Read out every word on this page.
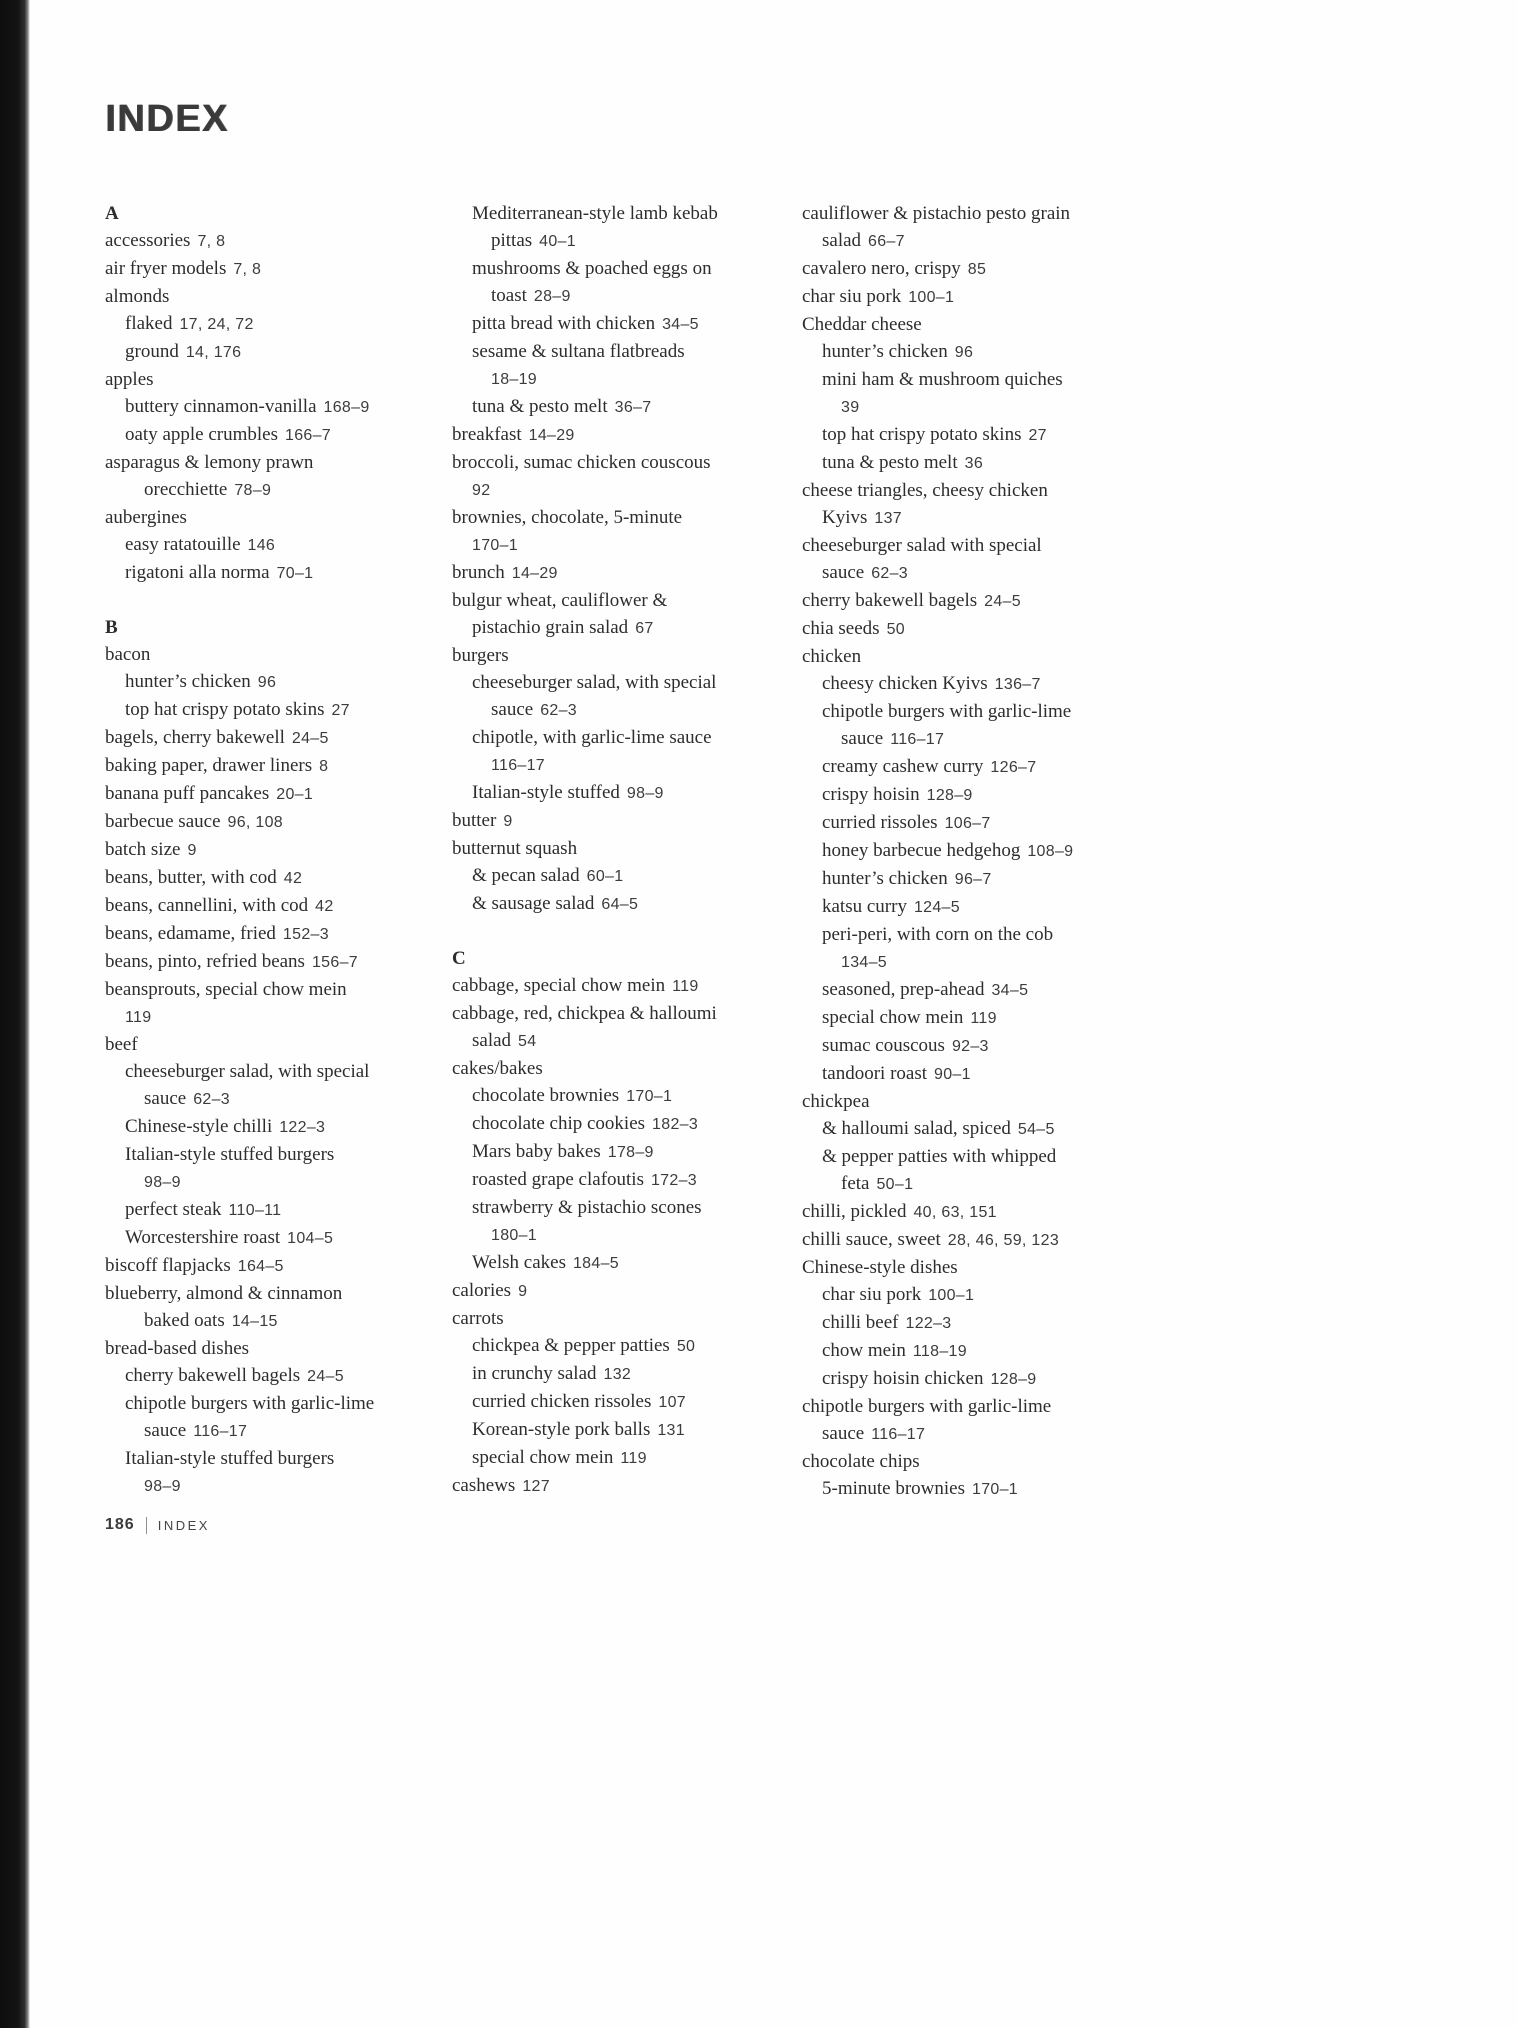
INDEX
A
accessories 7, 8
air fryer models 7, 8
almonds
flaked 17, 24, 72
ground 14, 176
apples
buttery cinnamon-vanilla 168–9
oaty apple crumbles 166–7
asparagus & lemony prawn
orecchiette 78–9
aubergines
easy ratatouille 146
rigatoni alla norma 70–1
B
bacon
hunter’s chicken 96
top hat crispy potato skins 27
bagels, cherry bakewell 24–5
baking paper, drawer liners 8
banana puff pancakes 20–1
barbecue sauce 96, 108
batch size 9
beans, butter, with cod 42
beans, cannellini, with cod 42
beans, edamame, fried 152–3
beans, pinto, refried beans 156–7
beansprouts, special chow mein
119
beef
cheeseburger salad, with special
sauce 62–3
Chinese-style chilli 122–3
Italian-style stuffed burgers
98–9
perfect steak 110–11
Worcestershire roast 104–5
biscoff flapjacks 164–5
blueberry, almond & cinnamon
baked oats 14–15
bread-based dishes
cherry bakewell bagels 24–5
chipotle burgers with garlic-lime
sauce 116–17
Italian-style stuffed burgers
98–9
Mediterranean-style lamb kebab
pittas 40–1
mushrooms & poached eggs on
toast 28–9
pitta bread with chicken 34–5
sesame & sultana flatbreads
18–19
tuna & pesto melt 36–7
breakfast 14–29
broccoli, sumac chicken couscous
92
brownies, chocolate, 5-minute
170–1
brunch 14–29
bulgur wheat, cauliflower &
pistachio grain salad 67
burgers
cheeseburger salad, with special
sauce 62–3
chipotle, with garlic-lime sauce
116–17
Italian-style stuffed 98–9
butter 9
butternut squash
& pecan salad 60–1
& sausage salad 64–5
C
cabbage, special chow mein 119
cabbage, red, chickpea & halloumi
salad 54
cakes/bakes
chocolate brownies 170–1
chocolate chip cookies 182–3
Mars baby bakes 178–9
roasted grape clafoutis 172–3
strawberry & pistachio scones
180–1
Welsh cakes 184–5
calories 9
carrots
chickpea & pepper patties 50
in crunchy salad 132
curried chicken rissoles 107
Korean-style pork balls 131
special chow mein 119
cashews 127
cauliflower & pistachio pesto grain
salad 66–7
cavalero nero, crispy 85
char siu pork 100–1
Cheddar cheese
hunter’s chicken 96
mini ham & mushroom quiches
39
top hat crispy potato skins 27
tuna & pesto melt 36
cheese triangles, cheesy chicken
Kyivs 137
cheeseburger salad with special
sauce 62–3
cherry bakewell bagels 24–5
chia seeds 50
chicken
cheesy chicken Kyivs 136–7
chipotle burgers with garlic-lime
sauce 116–17
creamy cashew curry 126–7
crispy hoisin 128–9
curried rissoles 106–7
honey barbecue hedgehog 108–9
hunter’s chicken 96–7
katsu curry 124–5
peri-peri, with corn on the cob
134–5
seasoned, prep-ahead 34–5
special chow mein 119
sumac couscous 92–3
tandoori roast 90–1
chickpea
& halloumi salad, spiced 54–5
& pepper patties with whipped
feta 50–1
chilli, pickled 40, 63, 151
chilli sauce, sweet 28, 46, 59, 123
Chinese-style dishes
char siu pork 100–1
chilli beef 122–3
chow mein 118–19
crispy hoisin chicken 128–9
chipotle burgers with garlic-lime
sauce 116–17
chocolate chips
5-minute brownies 170–1
186 INDEX
